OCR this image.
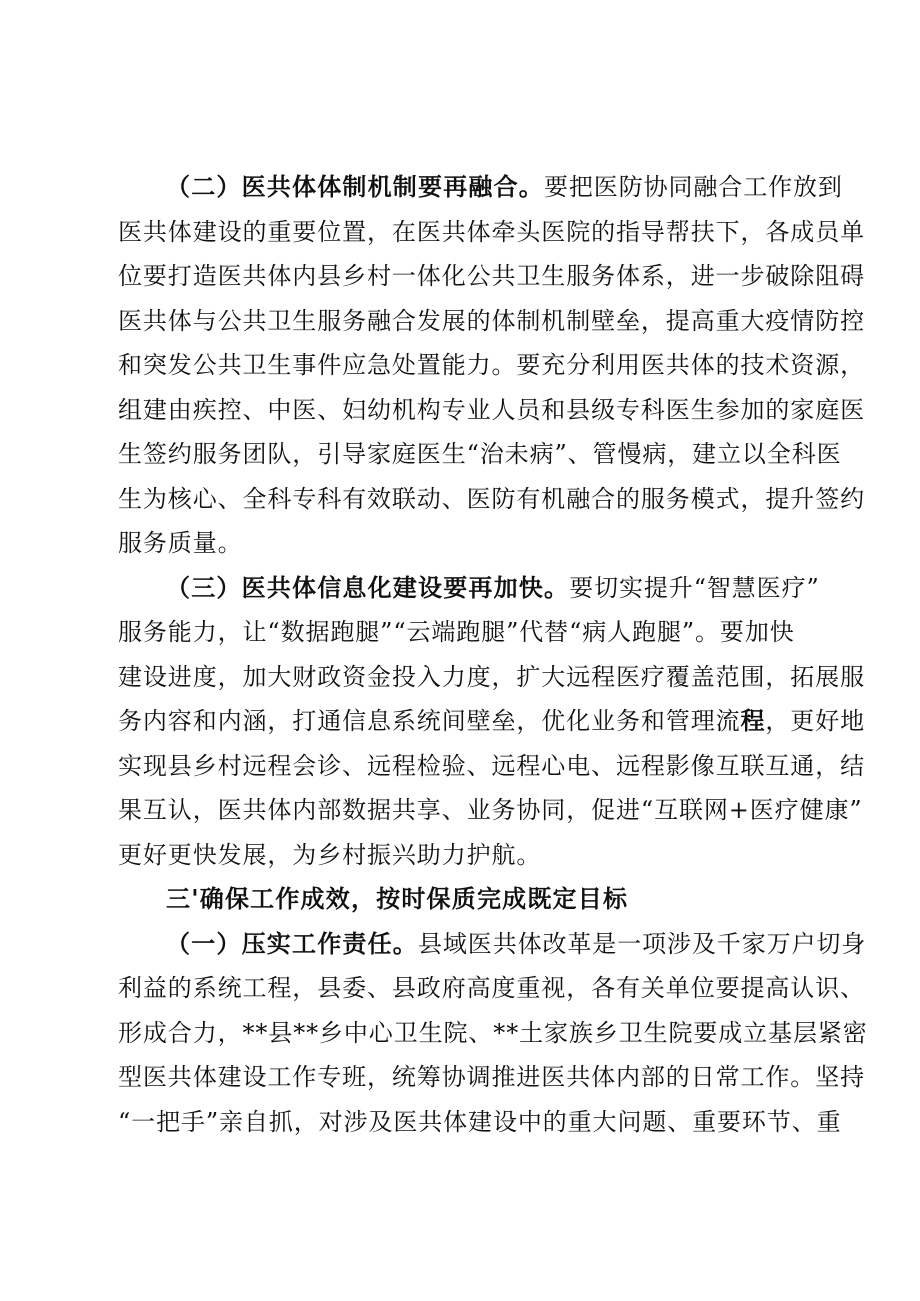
（二）医共体体制机制要再融合。要把医防协同融合工作放到
医共体建设的重要位置，在医共体牵头医院的指导帮扶下，各成员单
位要打造医共体内县乡村一体化公共卫生服务体系，进一步破除阻碍
医共体与公共卫生服务融合发展的体制机制壁垒，提高重大疫情防控
和突发公共卫生事件应急处置能力。要充分利用医共体的技术资源，
组建由疾控、中医、妇幼机构专业人员和县级专科医生参加的家庭医
生签约服务团队，引导家庭医生“治未病”、管慢病，建立以全科医
生为核心、全科专科有效联动、医防有机融合的服务模式，提升签约
服务质量。
（三）医共体信息化建设要再加快。要切实提升“智慧医疗”
服务能力，让“数据跑腿”“云端跑腿”代替“病人跑腿”。要加快
建设进度，加大财政资金投入力度，扩大远程医疗覆盖范围，拓展服
务内容和内涵，打通信息系统间壁垒，优化业务和管理流程，更好地
实现县乡村远程会诊、远程检验、远程心电、远程影像互联互通，结
果互认，医共体内部数据共享、业务协同，促进“互联网+医疗健康”
更好更快发展，为乡村振兴助力护航。
三'确保工作成效，按时保质完成既定目标
（一）压实工作责任。县域医共体改革是一项涉及千家万户切身
利益的系统工程，县委、县政府高度重视，各有关单位要提高认识、
形成合力，**县**乡中心卫生院、**土家族乡卫生院要成立基层紧密
型医共体建设工作专班，统筹协调推进医共体内部的日常工作。坚持
“一把手”亲自抓，对涉及医共体建设中的重大问题、重要环节、重
